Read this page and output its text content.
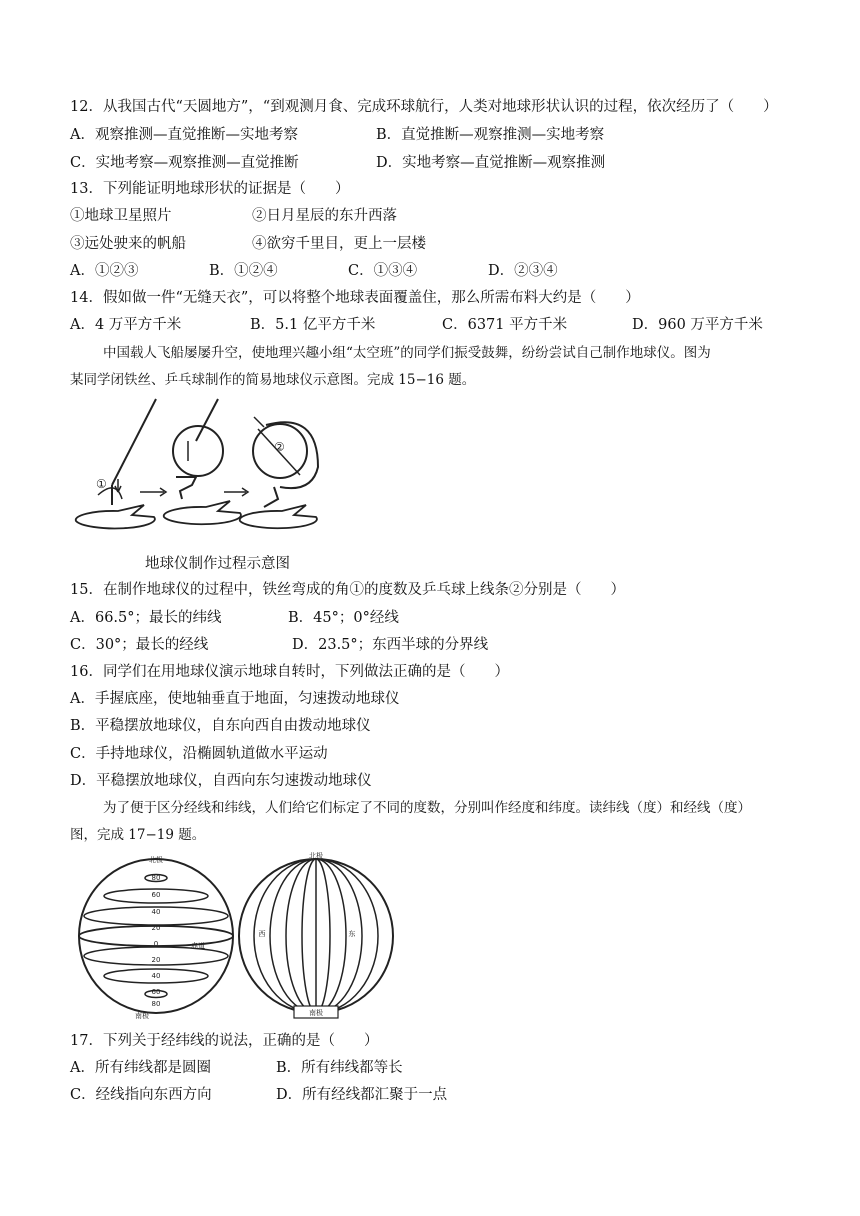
12．从我国古代“天圆地方”，“到观测月食、完成环球航行，人类对地球形状认识的过程，依次经历了（　　）
A．观察推测—直觉推断—实地考察	B．直觉推断—观察推测—实地考察
C．实地考察—观察推测—直觉推断	D．实地考察—直觉推断—观察推测
13．下列能证明地球形状的证据是（　　）
①地球卫星照片	②日月星辰的东升西落
③远处驶来的帆船	④欲穷千里目，更上一层楼
A．①②③	B．①②④	C．①③④	D．②③④
14．假如做一件“无缝天衣”，可以将整个地球表面覆盖住，那么所需布料大约是（　　）
A．4 万平方千米	B．5.1 亿平方千米	C．6371 平方千米	D．960 万平方千米
中国载人飞船屡屡升空，使地理兴趣小组“太空班”的同学们振受鼓舞，纷纷尝试自己制作地球仪。图为
某同学闭铁丝、乒乓球制作的简易地球仪示意图。完成 15−16 题。
①
②
地球仪制作过程示意图
15．在制作地球仪的过程中，铁丝弯成的角①的度数及乒乓球上线条②分别是（　　）
A．66.5°；最长的纬线	B．45°；0°经线
C．30°；最长的经线	D．23.5°；东西半球的分界线
16．同学们在用地球仪演示地球自转时，下列做法正确的是（　　）
A．手握底座，使地轴垂直于地面，匀速拨动地球仪
B．平稳摆放地球仪，自东向西自由拨动地球仪
C．手持地球仪，沿椭圆轨道做水平运动
D．平稳摆放地球仪，自西向东匀速拨动地球仪
为了便于区分经线和纬线，人们给它们标定了不同的度数，分别叫作经度和纬度。读纬线（度）和经线（度）
图，完成 17−19 题。
北极
80
60
40
20
0
20
40
60
80
赤道
南极
北极
西	东
南极
17．下列关于经纬线的说法，正确的是（　　）
A．所有纬线都是圆圈	B．所有纬线都等长
C．经线指向东西方向	D．所有经线都汇聚于一点
